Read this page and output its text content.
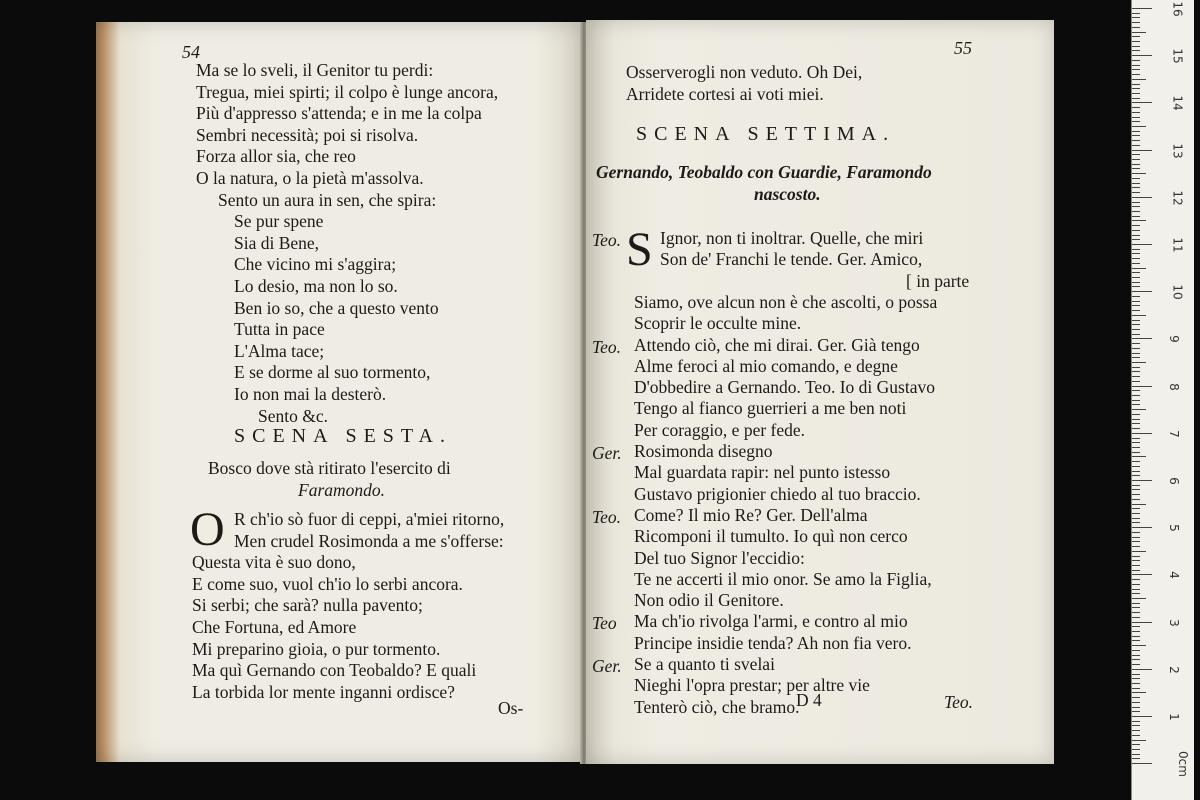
54
Ma se lo sveli, il Genitor tu perdi:
Tregua, miei spirti; il colpo è lunge ancora,
Più d'appresso s'attenda; e in me la colpa
Sembri necessità; poi si risolva.
Forza allor sia, che reo
O la natura, o la pietà m'assolva.
Sento un aura in sen, che spira:
Se pur spene
Sia di Bene,
Che vicino mi s'aggira;
Lo desio, ma non lo so.
Ben io so, che a questo vento
Tutta in pace
L'Alma tace;
E se dorme al suo tormento,
Io non mai la desterò.
Sento &c.
SCENA SESTA.
Bosco dove stà ritirato l'esercito di
Faramondo.
O R ch'io sò fuor di ceppi, a'miei ritorno,
Men crudel Rosimonda a me s'offerse:
Questa vita è suo dono,
E come suo, vuol ch'io lo serbi ancora.
Si serbi; che sarà? nulla pavento;
Che Fortuna, ed Amore
Mi preparino gioia, o pur tormento.
Ma quì Gernando con Teobaldo? E quali
La torbida lor mente inganni ordisce?
Os-
55
Osserverogli non veduto. Oh Dei,
Arridete cortesi ai voti miei.
SCENA SETTIMA.
Gernando, Teobaldo con Guardie, Faramondo
nascosto.
Teo. S Ignor, non ti inoltrar. Quelle, che miri
Son de' Franchi le tende. Ger. Amico,
[ in parte
Siamo, ove alcun non è che ascolti, o possa
Scoprir le occulte mine.
Teo. Attendo ciò, che mi dirai. Ger. Già tengo
Alme feroci al mio comando, e degne
D'obbedire a Gernando. Teo. Io di Gustavo
Tengo al fianco guerrieri a me ben noti
Per coraggio, e per fede.
Ger. Rosimonda disegno
Mal guardata rapir: nel punto istesso
Gustavo prigionier chiedo al tuo braccio.
Teo. Come? Il mio Re? Ger. Dell'alma
Ricomponi il tumulto. Io quì non cerco
Del tuo Signor l'eccidio:
Te ne accerti il mio onor. Se amo la Figlia,
Non odio il Genitore.
Teo Ma ch'io rivolga l'armi, e contro al mio
Principe insidie tenda? Ah non fia vero.
Ger. Se a quanto ti svelai
Nieghi l'opra prestar; per altre vie
Tenterò ciò, che bramo.
D 4	Teo.
16
15
14
13
12
11
10
9
8
7
6
5
4
3
2
1
0cm
